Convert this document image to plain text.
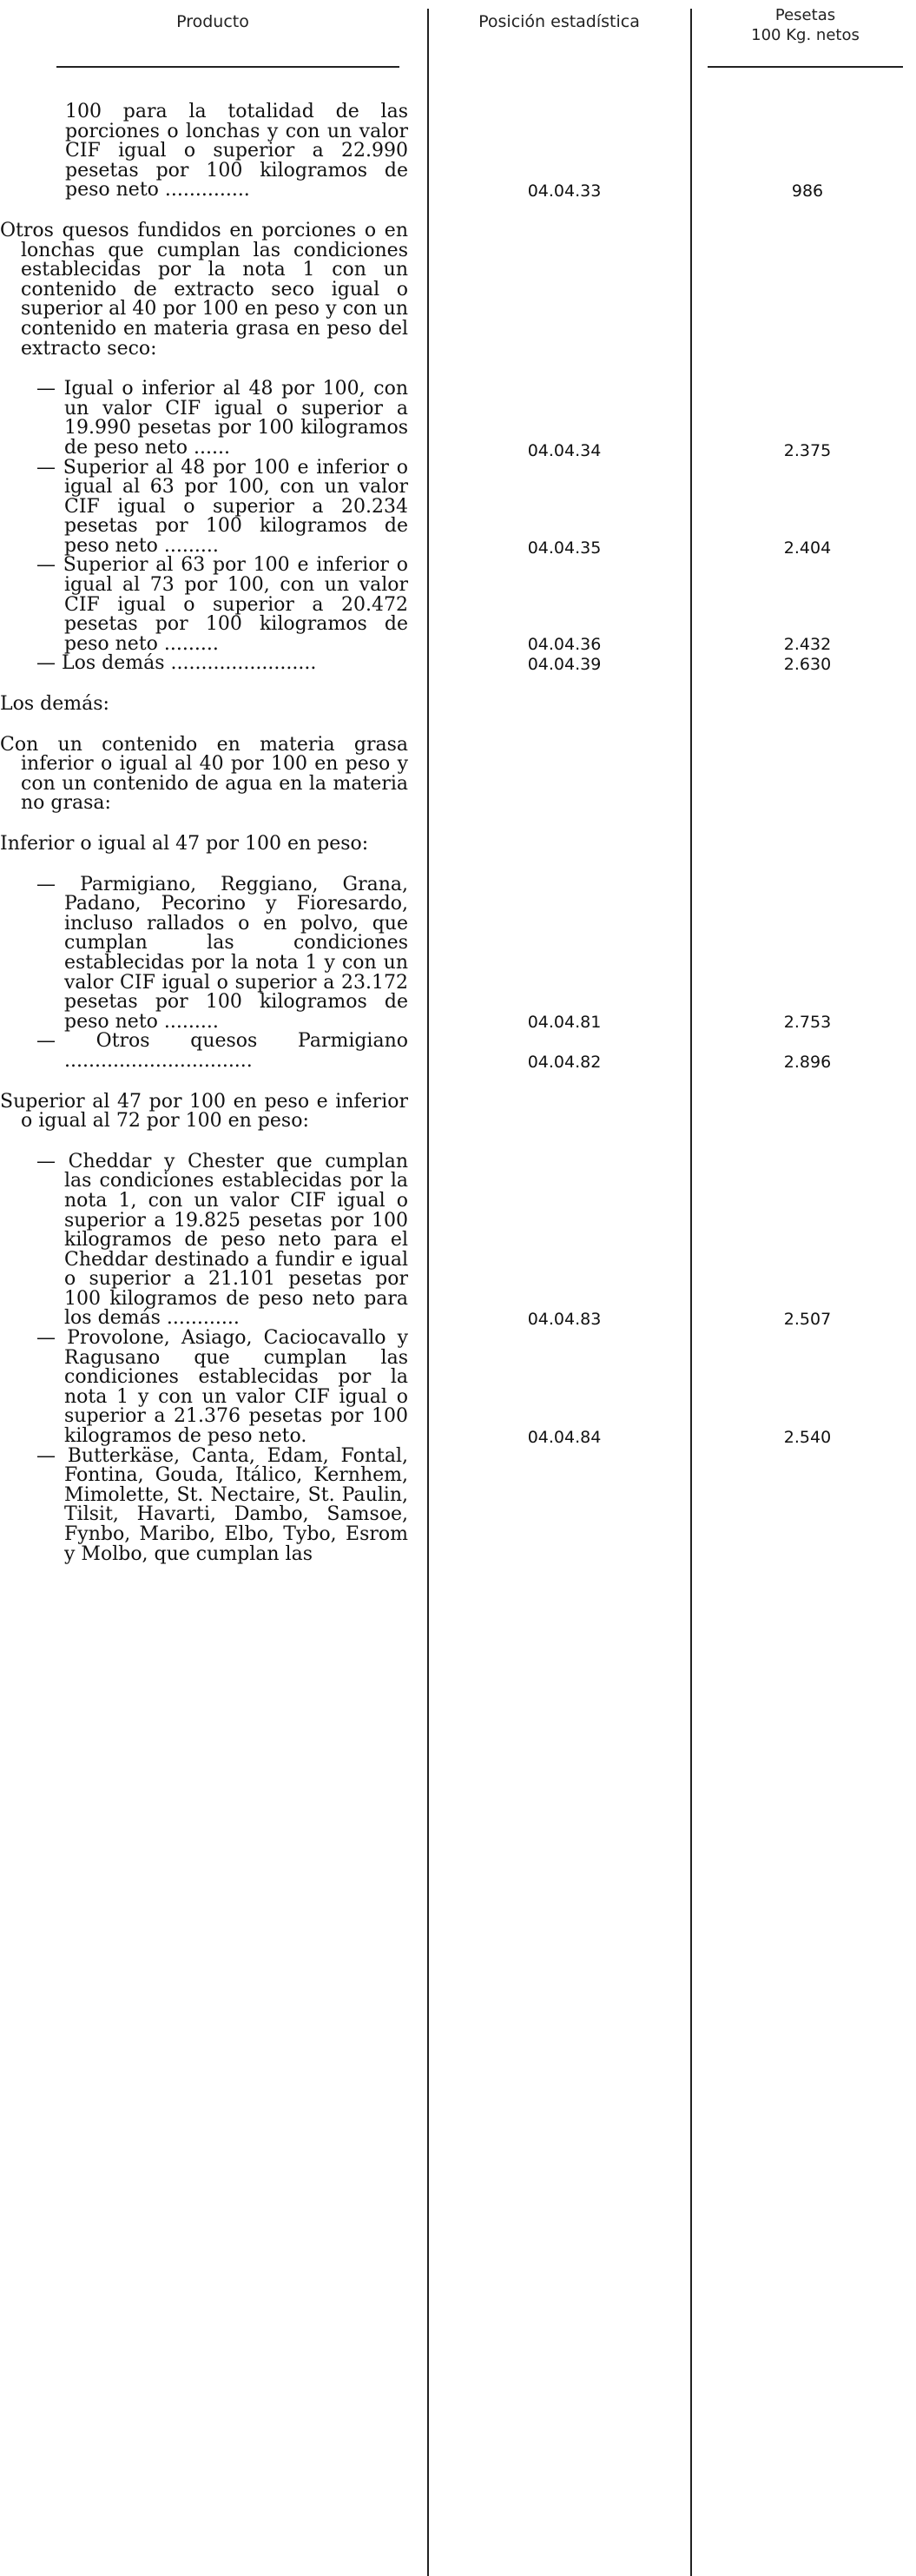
Producto	Posición estadística	Pesetas
100 Kg. netos
100 para la totalidad de las porciones o lonchas y con un valor CIF igual o superior a 22.990 pesetas por 100 kilogramos de peso neto ..............	04.04.33	986
Otros quesos fundidos en porciones o en lonchas que cumplan las condiciones establecidas por la nota 1 con un contenido de extracto seco igual o superior al 40 por 100 en peso y con un contenido en materia grasa en peso del extracto seco:
— Igual o inferior al 48 por 100, con un valor CIF igual o superior a 19.990 pesetas por 100 kilogramos de peso neto ......	04.04.34	2.375
— Superior al 48 por 100 e inferior o igual al 63 por 100, con un valor CIF igual o superior a 20.234 pesetas por 100 kilogramos de peso neto .........	04.04.35	2.404
— Superior al 63 por 100 e inferior o igual al 73 por 100, con un valor CIF igual o superior a 20.472 pesetas por 100 kilogramos de peso neto .........	04.04.36	2.432
— Los demás ........................	04.04.39	2.630
Los demás:
Con un contenido en materia grasa inferior o igual al 40 por 100 en peso y con un contenido de agua en la materia no grasa:
Inferior o igual al 47 por 100 en peso:
— Parmigiano, Reggiano, Grana, Padano, Pecorino y Fioresardo, incluso rallados o en polvo, que cumplan las condiciones establecidas por la nota 1 y con un valor CIF igual o superior a 23.172 pesetas por 100 kilogramos de peso neto .........	04.04.81	2.753
— Otros quesos Parmigiano ...............................	04.04.82	2.896
Superior al 47 por 100 en peso e inferior o igual al 72 por 100 en peso:
— Cheddar y Chester que cumplan las condiciones establecidas por la nota 1, con un valor CIF igual o superior a 19.825 pesetas por 100 kilogramos de peso neto para el Cheddar destinado a fundir e igual o superior a 21.101 pesetas por 100 kilogramos de peso neto para los demás ............	04.04.83	2.507
— Provolone, Asiago, Caciocavallo y Ragusano que cumplan las condiciones establecidas por la nota 1 y con un valor CIF igual o superior a 21.376 pesetas por 100 kilogramos de peso neto.	04.04.84	2.540
— Butterkäse, Canta, Edam, Fontal, Fontina, Gouda, Itálico, Kernhem, Mimolette, St. Nectaire, St. Paulin, Tilsit, Havarti, Dambo, Samsoe, Fynbo, Maribo, Elbo, Tybo, Esrom y Molbo, que cumplan las
